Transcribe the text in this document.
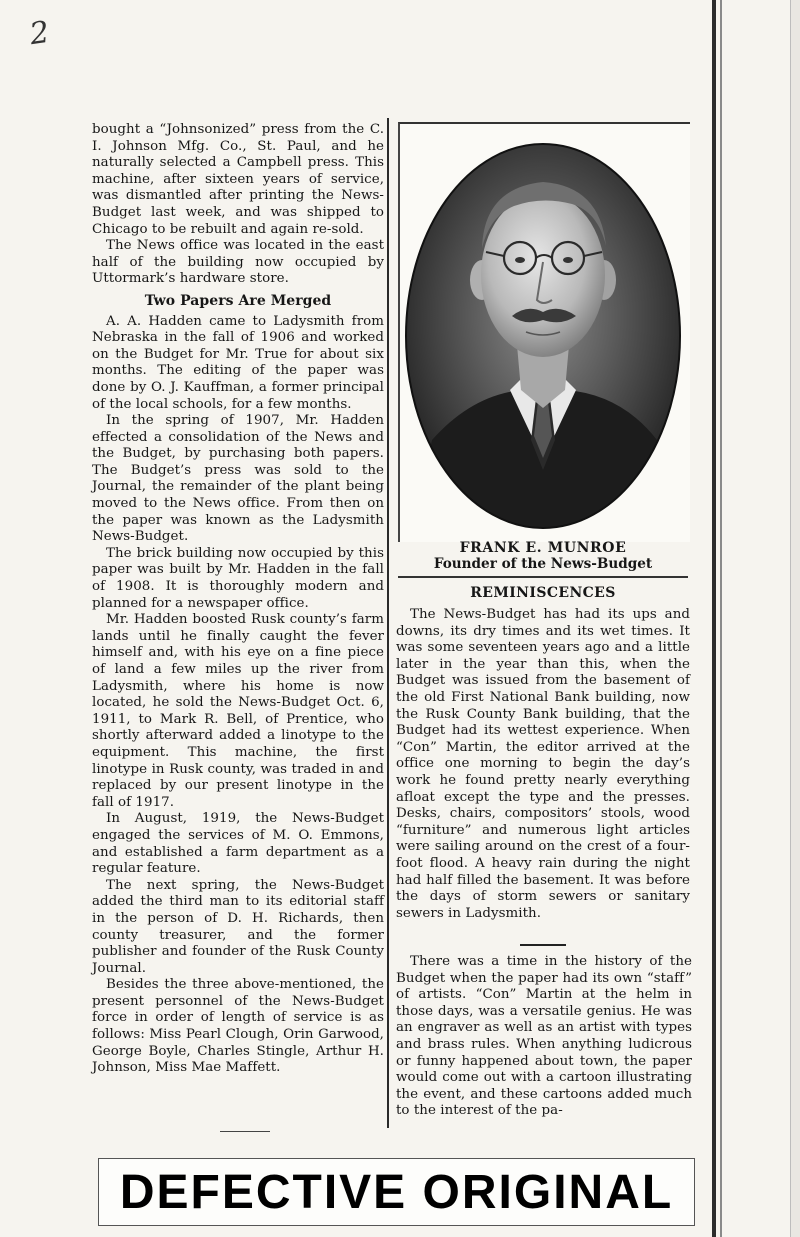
2

bought a “Johnsonized” press from the C. I. Johnson Mfg. Co., St. Paul, and he naturally selected a Campbell press. This machine, after sixteen years of service, was dismantled after printing the News-Budget last week, and was shipped to Chicago to be rebuilt and again re-sold.

The News office was located in the east half of the building now occupied by Uttormark’s hardware store.

Two Papers Are Merged

A. A. Hadden came to Ladysmith from Nebraska in the fall of 1906 and worked on the Budget for Mr. True for about six months. The editing of the paper was done by O. J. Kauffman, a former principal of the local schools, for a few months.

In the spring of 1907, Mr. Hadden effected a consolidation of the News and the Budget, by purchasing both papers. The Budget’s press was sold to the Journal, the remainder of the plant being moved to the News office. From then on the paper was known as the Ladysmith News-Budget.

The brick building now occupied by this paper was built by Mr. Hadden in the fall of 1908. It is thoroughly modern and planned for a newspaper office.

Mr. Hadden boosted Rusk county’s farm lands until he finally caught the fever himself and, with his eye on a fine piece of land a few miles up the river from Ladysmith, where his home is now located, he sold the News-Budget Oct. 6, 1911, to Mark R. Bell, of Prentice, who shortly afterward added a linotype to the equipment. This machine, the first linotype in Rusk county, was traded in and replaced by our present linotype in the fall of 1917.

In August, 1919, the News-Budget engaged the services of M. O. Emmons, and established a farm department as a regular feature.

The next spring, the News-Budget added the third man to its editorial staff in the person of D. H. Richards, then county treasurer, and the former publisher and founder of the Rusk County Journal.

Besides the three above-mentioned, the present personnel of the News-Budget force in order of length of service is as follows: Miss Pearl Clough, Orin Garwood, George Boyle, Charles Stingle, Arthur H. Johnson, Miss Mae Maffett.

FRANK E. MUNROE
Founder of the News-Budget
REMINISCENCES

The News-Budget has had its ups and downs, its dry times and its wet times. It was some seventeen years ago and a little later in the year than this, when the Budget was issued from the basement of the old First National Bank building, now the Rusk County Bank building, that the Budget had its wettest experience. When “Con” Martin, the editor arrived at the office one morning to begin the day’s work he found pretty nearly everything afloat except the type and the presses. Desks, chairs, compositors’ stools, wood “furniture” and numerous light articles were sailing around on the crest of a four-foot flood. A heavy rain during the night had half filled the basement. It was before the days of storm sewers or sanitary sewers in Ladysmith.

There was a time in the history of the Budget when the paper had its own “staff” of artists. “Con” Martin at the helm in those days, was a versatile genius. He was an engraver as well as an artist with types and brass rules. When anything ludicrous or funny happened about town, the paper would come out with a cartoon illustrating the event, and these cartoons added much to the interest of the pa-

DEFECTIVE ORIGINAL
